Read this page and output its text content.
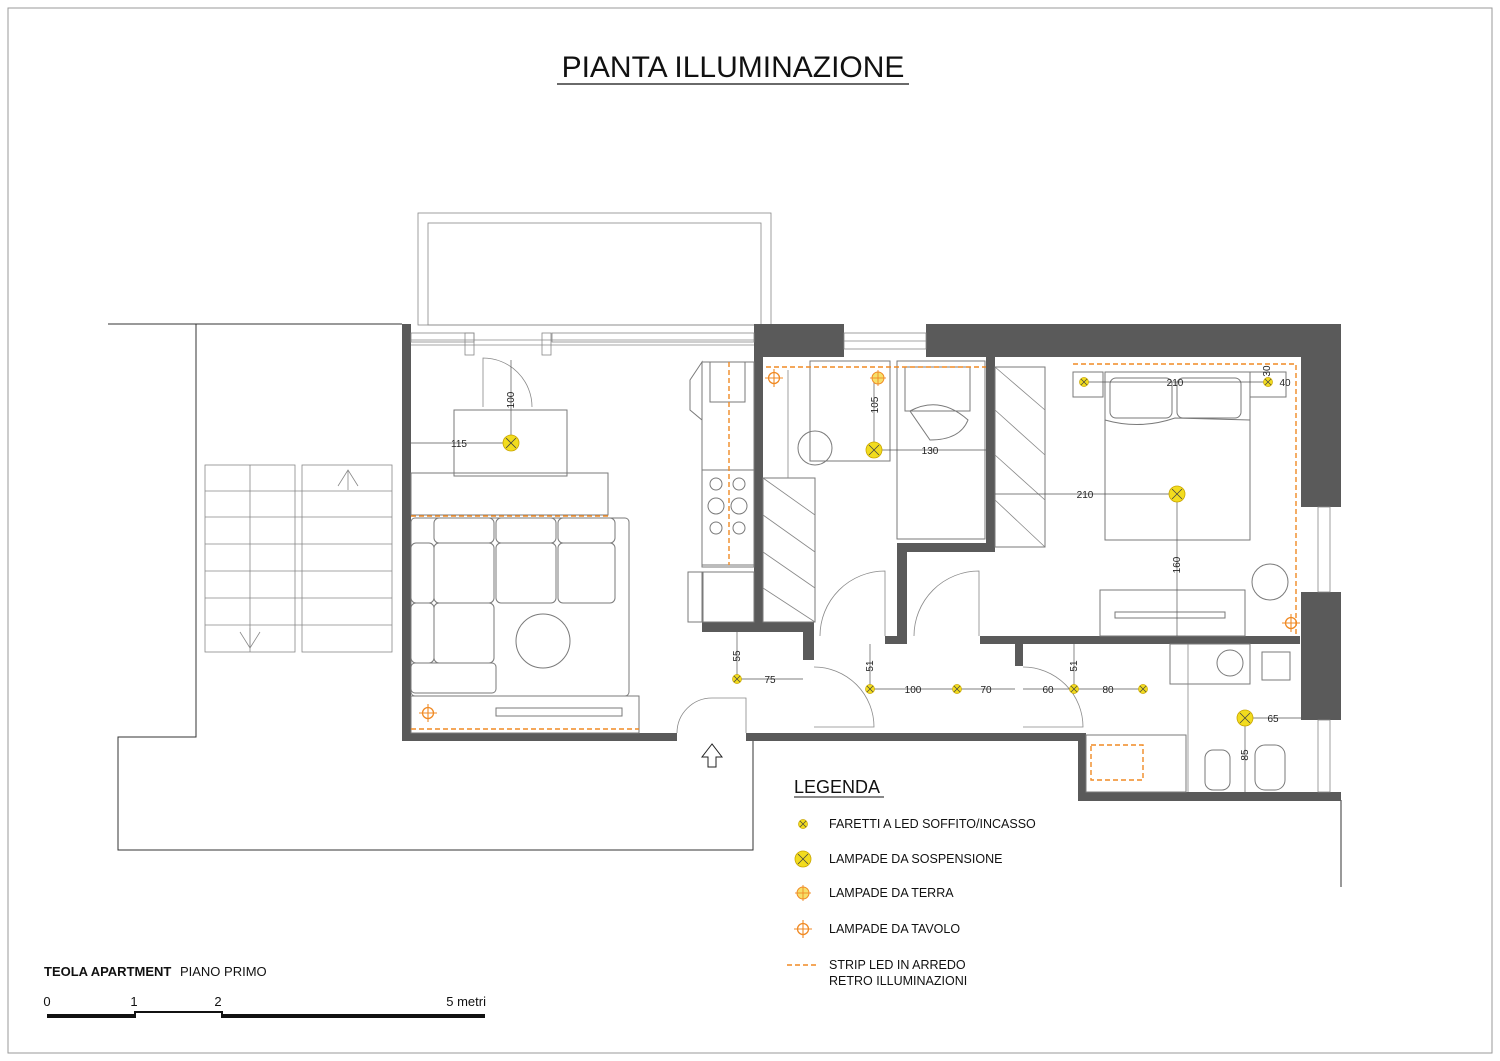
PIANTA ILLUMINAZIONE
100
115
105
130
210
30
40
210
160
55
75
51
100	70	60
51
80
65
85
LEGENDA
FARETTI A LED SOFFITO/INCASSO
LAMPADE DA SOSPENSIONE
LAMPADE DA TERRA
LAMPADE DA TAVOLO
STRIP LED IN ARREDO
RETRO ILLUMINAZIONI
TEOLA APARTMENT PIANO PRIMO
0	1	2	5 metri
